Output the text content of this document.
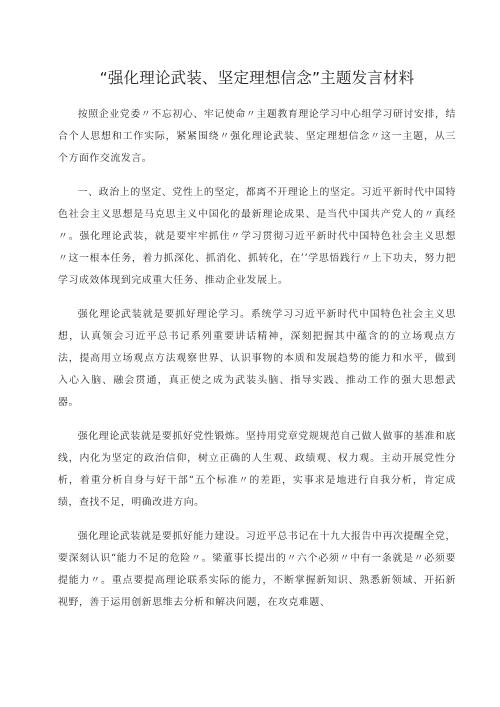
“强化理论武装、坚定理想信念”主题发言材料

按照企业党委〃不忘初心、牢记使命〃主题教育理论学习中心组学习研讨安排，结合个人思想和工作实际，紧紧围绕〃强化理论武装、坚定理想信念〃这一主题，从三个方面作交流发言。

一、政治上的坚定、党性上的坚定，都离不开理论上的坚定。习近平新时代中国特色社会主义思想是马克思主义中国化的最新理论成果、是当代中国共产党人的〃真经〃。强化理论武装，就是要牢牢抓住〃学习贯彻习近平新时代中国特色社会主义思想〃这一根本任务，着力抓深化、抓消化、抓转化，在’’学思悟践行〃上下功夫，努力把学习成效体现到完成重大任务、推动企业发展上。

强化理论武装就是要抓好理论学习。系统学习习近平新时代中国特色社会主义思想，认真领会习近平总书记系列重要讲话精神，深刻把握其中蕴含的的立场观点方法，提高用立场观点方法观察世界、认识事物的本质和发展趋势的能力和水平，做到入心入脑、融会贯通，真正使之成为武装头脑、指导实践、推动工作的强大思想武器。

强化理论武装就是要抓好党性锻炼。坚持用党章党规规范自己做人做事的基准和底线，内化为坚定的政治信仰，树立正确的人生观、政绩观、权力观。主动开展党性分析，着重分析自身与好干部“五个标准〃的差距，实事求是地进行自我分析，肯定成绩，查找不足，明确改进方向。

强化理论武装就是要抓好能力建设。习近平总书记在十九大报告中再次提醒全党，要深刻认识“能力不足的危险〃。梁董事长提出的〃六个必须〃中有一条就是〃必须要提能力〃。重点要提高理论联系实际的能力，不断掌握新知识、熟悉新领域、开拓新视野，善于运用创新思维去分析和解决问题，在攻克难题、
